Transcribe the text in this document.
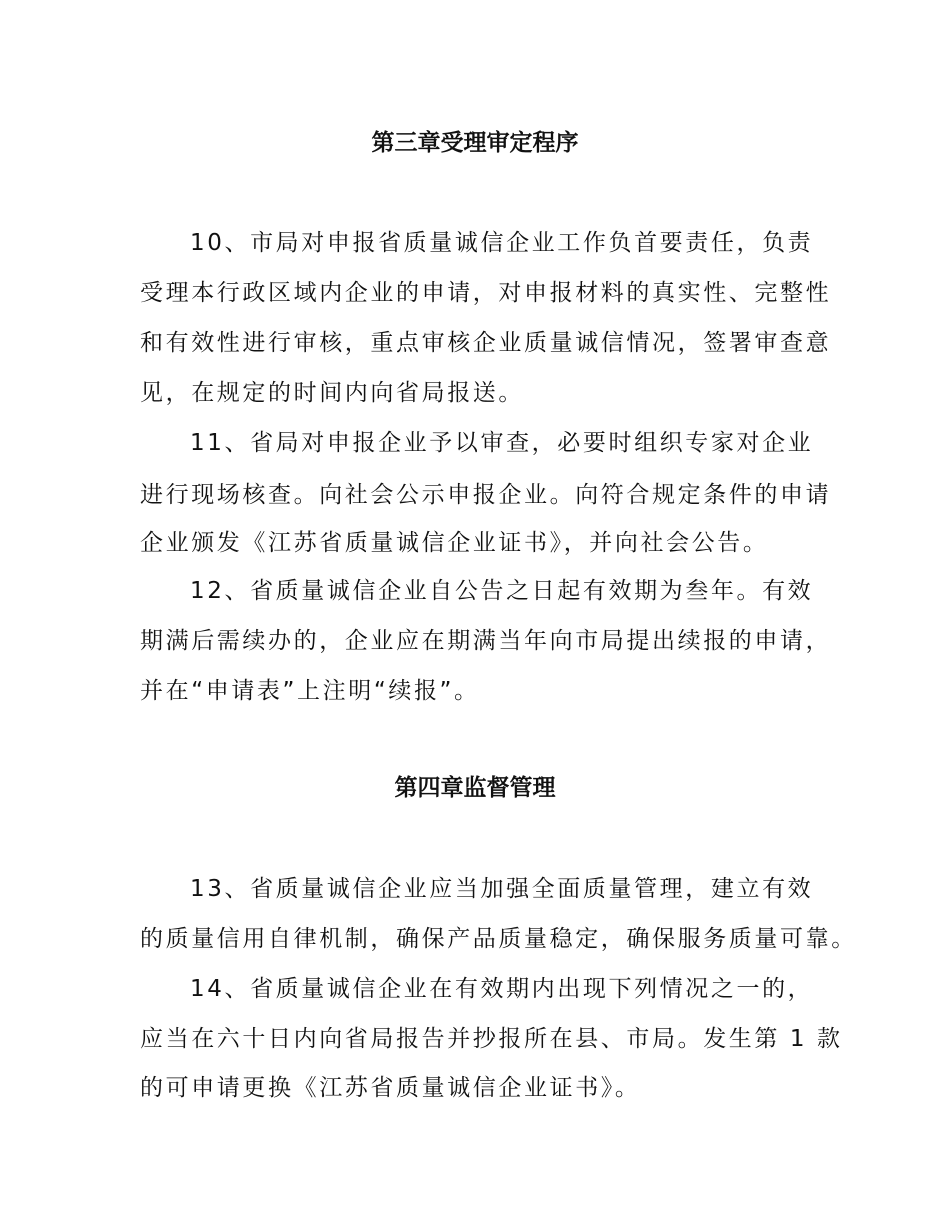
第三章受理审定程序
10、市局对申报省质量诚信企业工作负首要责任，负责
受理本行政区域内企业的申请，对申报材料的真实性、完整性
和有效性进行审核，重点审核企业质量诚信情况，签署审查意
见，在规定的时间内向省局报送。
11、省局对申报企业予以审查，必要时组织专家对企业
进行现场核查。向社会公示申报企业。向符合规定条件的申请
企业颁发《江苏省质量诚信企业证书》，并向社会公告。
12、省质量诚信企业自公告之日起有效期为叁年。有效
期满后需续办的，企业应在期满当年向市局提出续报的申请，
并在“申请表”上注明“续报”。
第四章监督管理
13、省质量诚信企业应当加强全面质量管理，建立有效
的质量信用自律机制，确保产品质量稳定，确保服务质量可靠。
14、省质量诚信企业在有效期内出现下列情况之一的，
应当在六十日内向省局报告并抄报所在县、市局。发生第 1 款
的可申请更换《江苏省质量诚信企业证书》。
